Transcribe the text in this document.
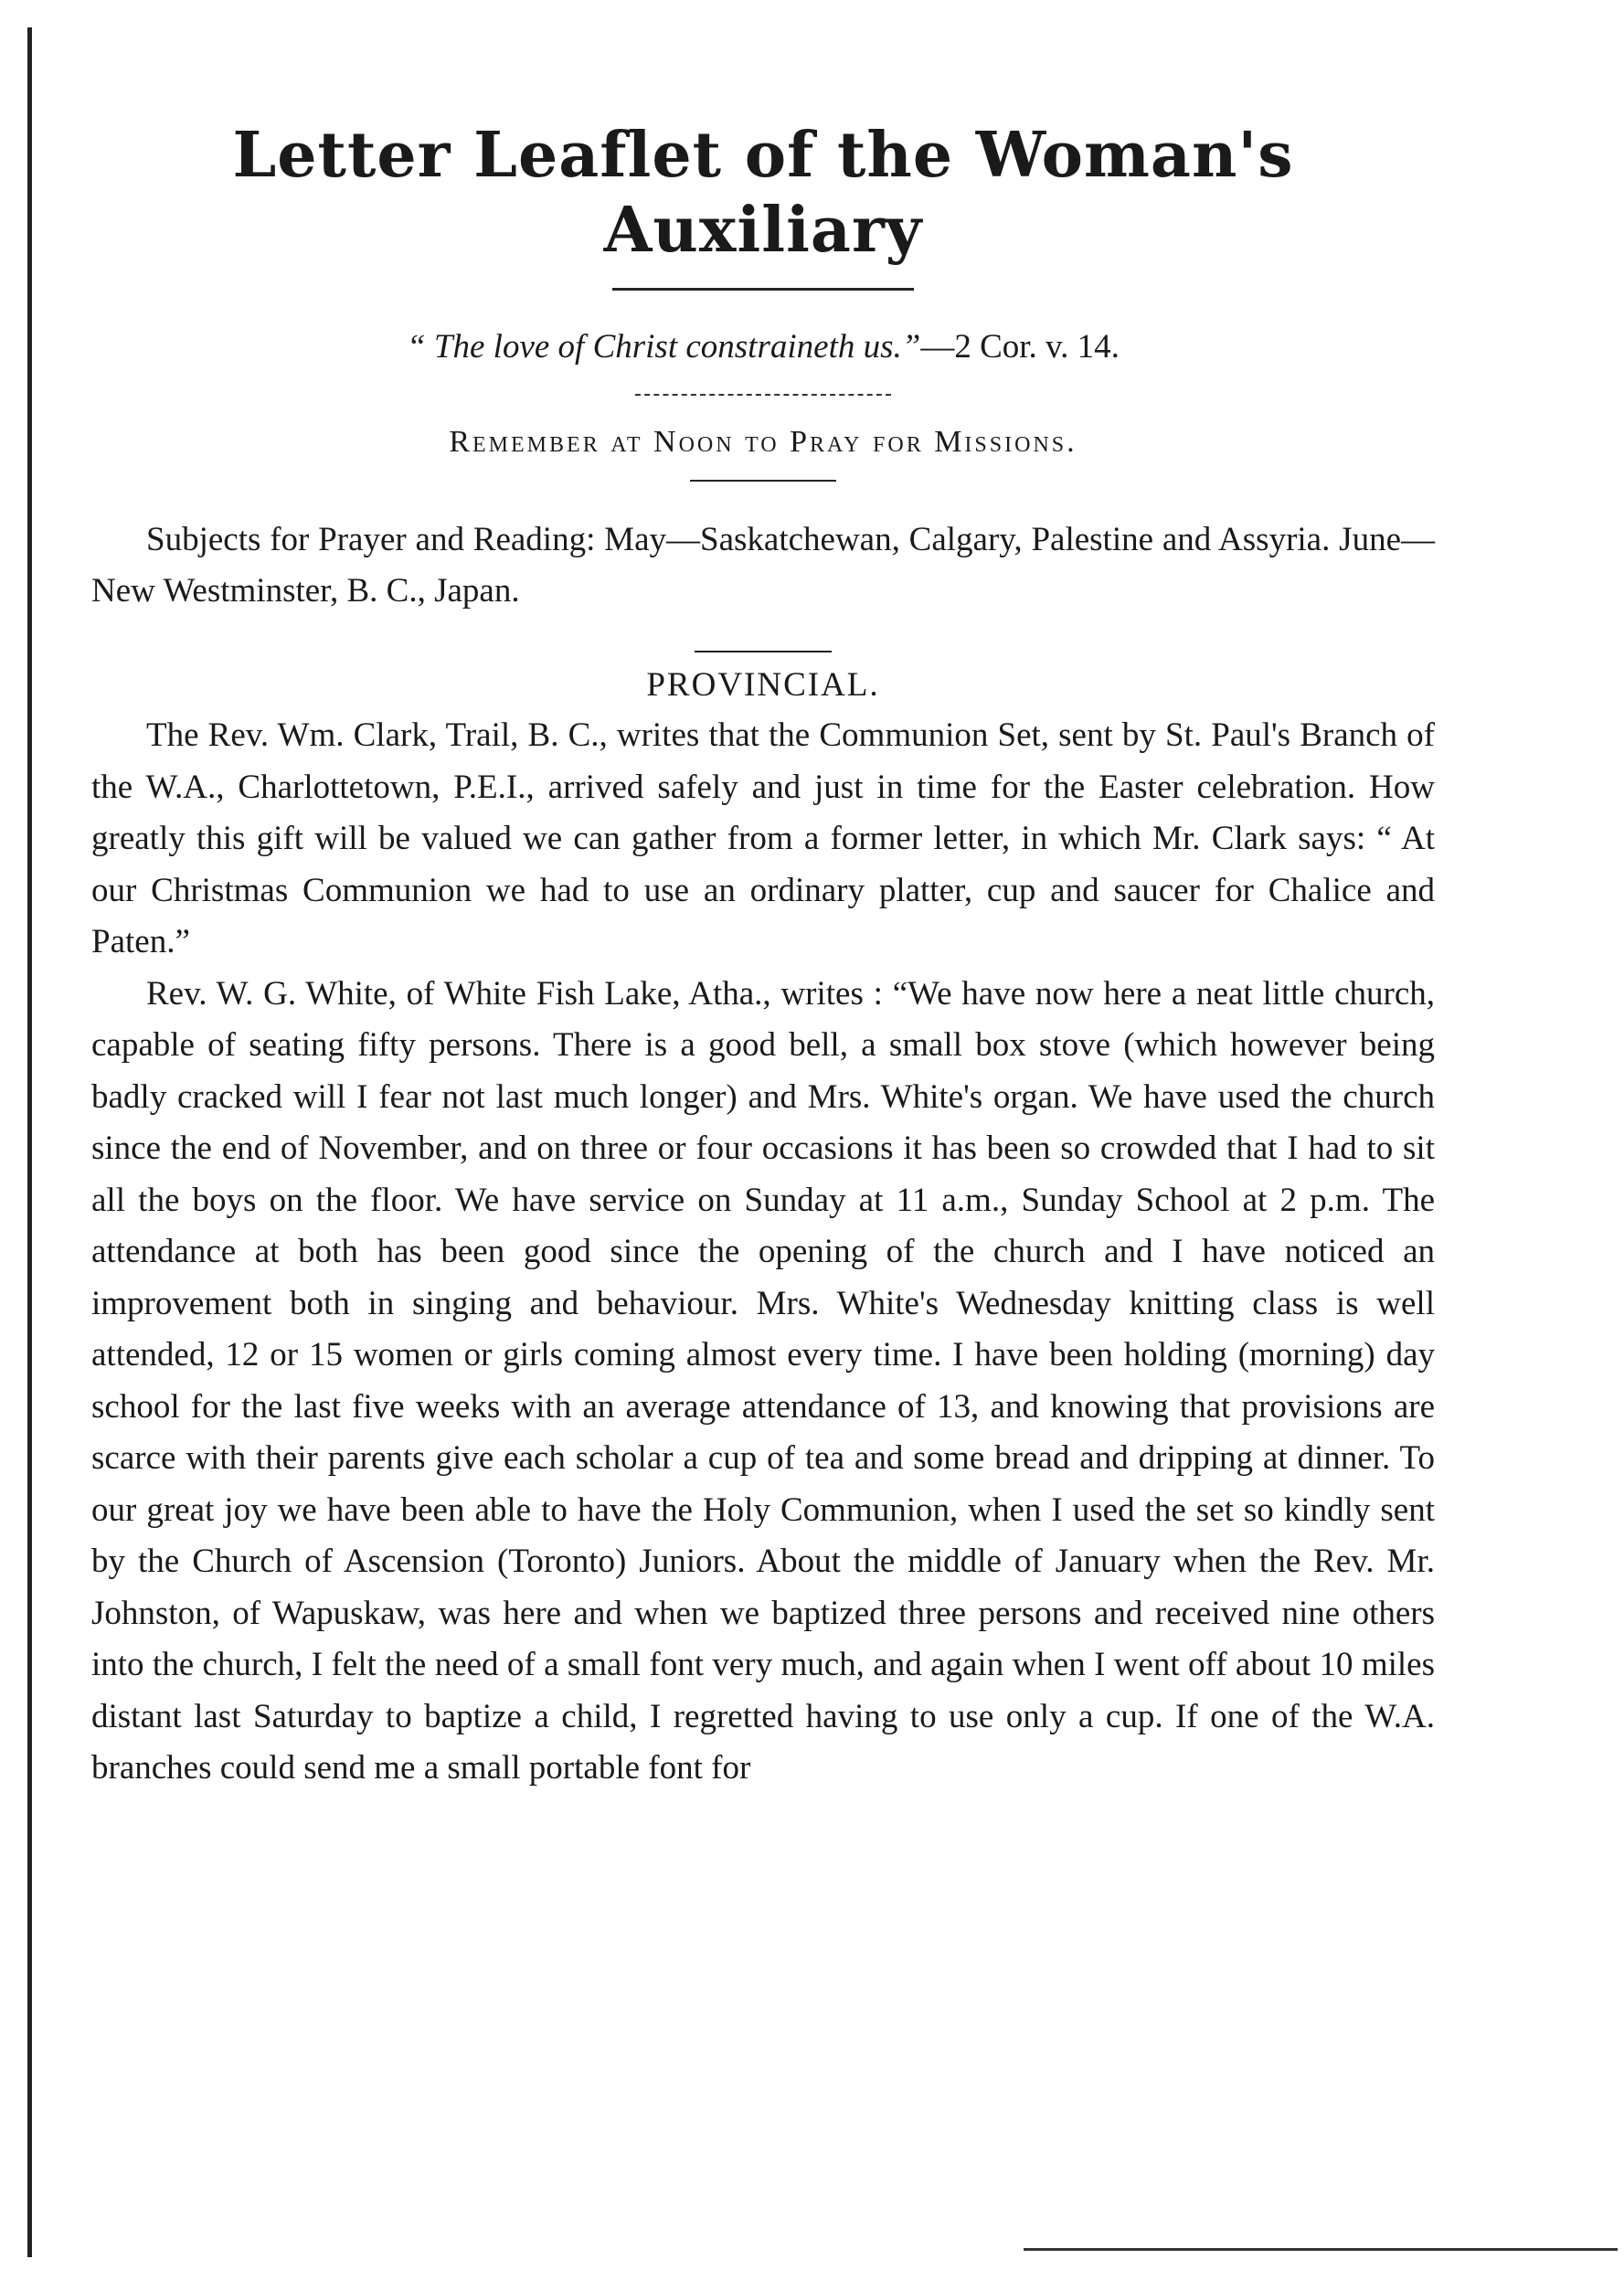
Letter Leaflet of the Woman's Auxiliary
“ The love of Christ constraineth us.”—2 Cor. v. 14.
Remember at Noon to Pray for Missions.

Subjects for Prayer and Reading: May—Saskatchewan, Calgary, Palestine and Assyria. June—New Westminster, B. C., Japan.

PROVINCIAL.

The Rev. Wm. Clark, Trail, B. C., writes that the Communion Set, sent by St. Paul's Branch of the W.A., Charlottetown, P.E.I., arrived safely and just in time for the Easter celebration. How greatly this gift will be valued we can gather from a former letter, in which Mr. Clark says: “ At our Christmas Communion we had to use an ordinary platter, cup and saucer for Chalice and Paten.”

Rev. W. G. White, of White Fish Lake, Atha., writes : “We have now here a neat little church, capable of seating fifty persons. There is a good bell, a small box stove (which however being badly cracked will I fear not last much longer) and Mrs. White's organ. We have used the church since the end of November, and on three or four occasions it has been so crowded that I had to sit all the boys on the floor. We have service on Sunday at 11 a.m., Sunday School at 2 p.m. The attendance at both has been good since the opening of the church and I have noticed an improvement both in singing and behaviour. Mrs. White's Wednesday knitting class is well attended, 12 or 15 women or girls coming almost every time. I have been holding (morning) day school for the last five weeks with an average attendance of 13, and knowing that provisions are scarce with their parents give each scholar a cup of tea and some bread and dripping at dinner. To our great joy we have been able to have the Holy Communion, when I used the set so kindly sent by the Church of Ascension (Toronto) Juniors. About the middle of January when the Rev. Mr. Johnston, of Wapuskaw, was here and when we baptized three persons and received nine others into the church, I felt the need of a small font very much, and again when I went off about 10 miles distant last Saturday to baptize a child, I regretted having to use only a cup. If one of the W.A. branches could send me a small portable font for
